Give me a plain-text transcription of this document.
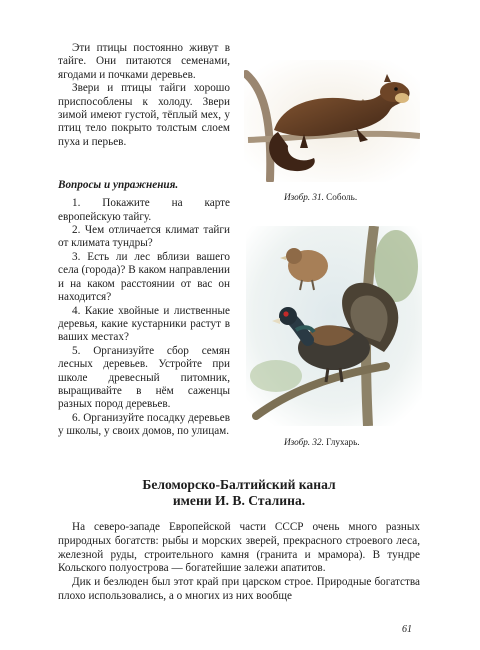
Эти птицы постоянно живут в тайге. Они питаются семенами, ягодами и почками деревьев.

Звери и птицы тайги хорошо приспособлены к холоду. Звери зимой имеют густой, тёплый мех, у птиц тело покрыто толстым слоем пуха и перьев.

Вопросы и упражнения.

1. Покажите на карте европейскую тайгу.
2. Чем отличается климат тайги от климата тундры?
3. Есть ли лес вблизи вашего села (города)? В каком направлении и на каком расстоянии от вас он находится?
4. Какие хвойные и лиственные деревья, какие кустарники растут в ваших местах?
5. Организуйте сбор семян лесных деревьев. Устройте при школе древесный питомник, выращивайте в нём саженцы разных пород деревьев.
6. Организуйте посадку деревьев у школы, у своих домов, по улицам.
Изобр. 31. Соболь.
Изобр. 32. Глухарь.
Беломорско-Балтийский канал
имени И. В. Сталина.

На северо-западе Европейской части СССР очень много разных природных богатств: рыбы и морских зверей, прекрасного строевого леса, железной руды, строительного камня (гранита и мрамора). В тундре Кольского полуострова — богатейшие залежи апатитов.

Дик и безлюден был этот край при царском строе. Природные богатства плохо использовались, а о многих из них вообще

61
